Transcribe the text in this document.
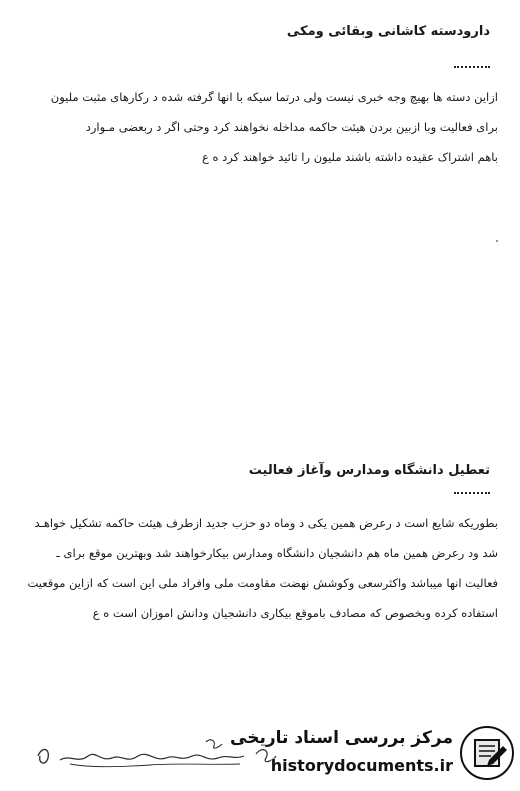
دارودسته کاشانی وبقائی ومکی
ازاین دسته ها بهیچ وجه خبری نیست ولی درتما سیکه با انها گرفته شده د رکارهای مثبت ملیون
برای فعالیت وبا ازبین بردن هیئت حاکمه مداخله نخواهند کرد وحتی اگر د ربعضی مـوارد
باهم اشتراک عقیده داشته باشند ملیون را تائید خواهند کرد ه ع
تعطیل دانشگاه ومدارس وآغاز فعالیت
بطوریکه شایع است د رعرض همین یکی د وماه دو حزب جدید ازطرف هیئت حاکمه تشکیل خواهـد
شد ود رعرض همین ماه هم دانشجیان دانشگاه ومدارس بیکارخواهند شد وبهترین موقع برای ـ
فعالیت انها میباشد واکثرسعی وکوشش نهضت مقاومت ملی وافراد ملی این است که ازاین موقعیت
استفاده کرده وبخصوص که مصادف باموقع بیکاری دانشجیان ودانش اموزان است ه ع
مرکز بررسی اسناد تاریخی
historydocuments.ir
